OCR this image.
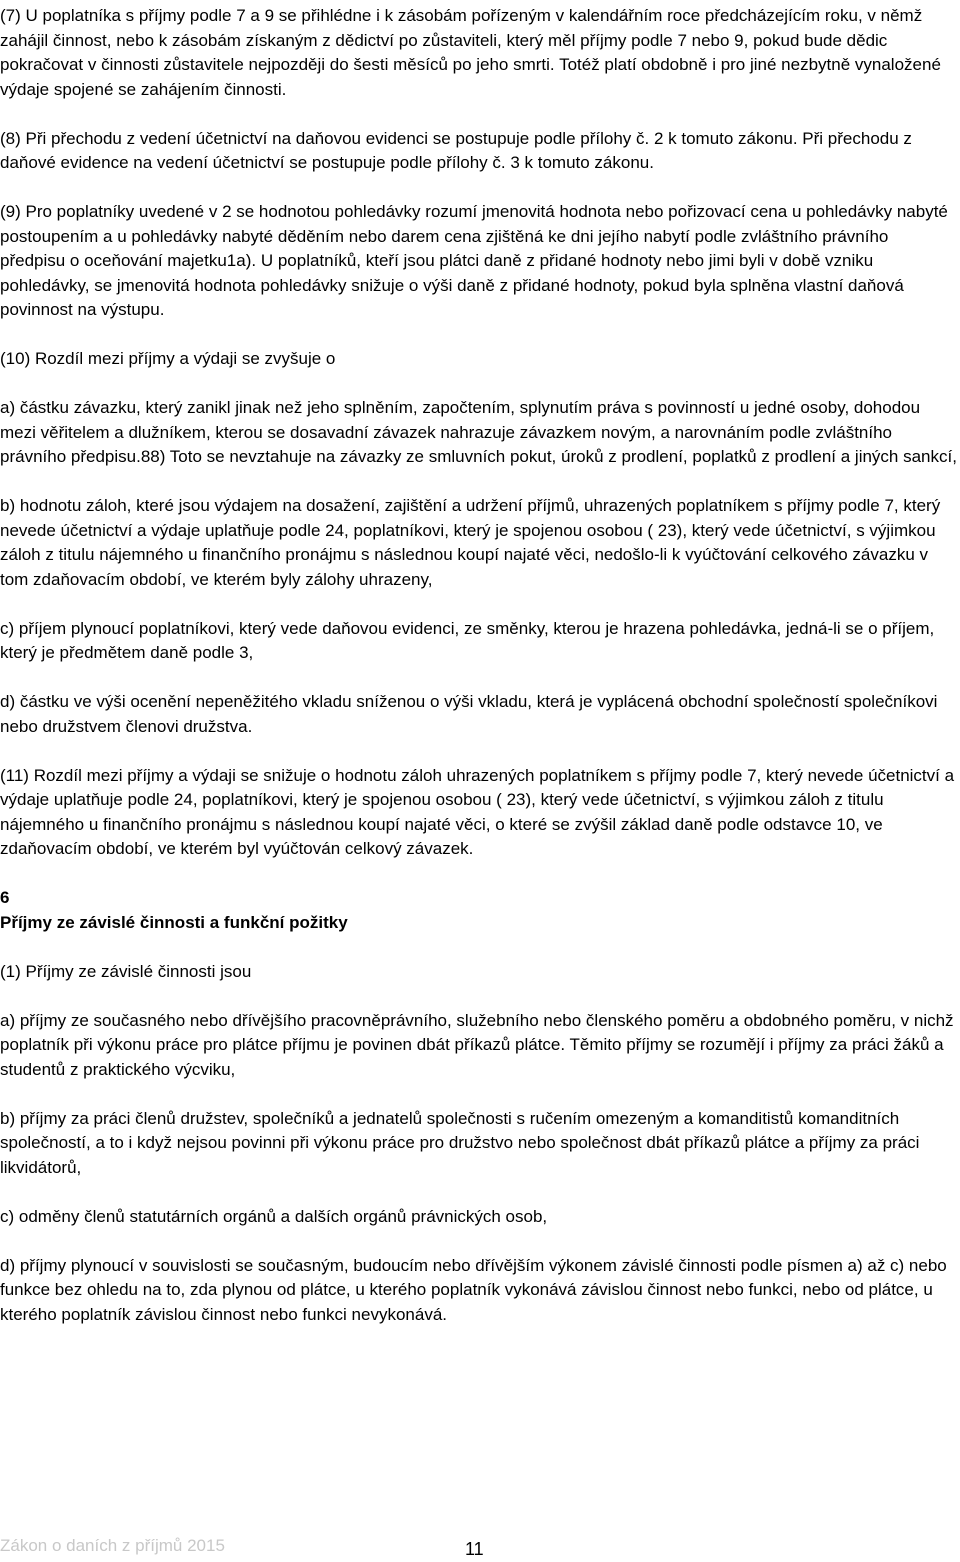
(7) U poplatníka s příjmy podle 7 a 9 se přihlédne i k zásobám pořízeným v kalendářním roce předcházejícím roku, v němž zahájil činnost, nebo k zásobám získaným z dědictví po zůstaviteli, který měl příjmy podle 7 nebo 9, pokud bude dědic pokračovat v činnosti zůstavitele nejpozději do šesti měsíců po jeho smrti. Totéž platí obdobně i pro jiné nezbytně vynaložené výdaje spojené se zahájením činnosti.

(8) Při přechodu z vedení účetnictví na daňovou evidenci se postupuje podle přílohy č. 2 k tomuto zákonu. Při přechodu z daňové evidence na vedení účetnictví se postupuje podle přílohy č. 3 k tomuto zákonu.

(9) Pro poplatníky uvedené v 2 se hodnotou pohledávky rozumí jmenovitá hodnota nebo pořizovací cena u pohledávky nabyté postoupením a u pohledávky nabyté děděním nebo darem cena zjištěná ke dni jejího nabytí podle zvláštního právního předpisu o oceňování majetku1a). U poplatníků, kteří jsou plátci daně z přidané hodnoty nebo jimi byli v době vzniku pohledávky, se jmenovitá hodnota pohledávky snižuje o výši daně z přidané hodnoty, pokud byla splněna vlastní daňová povinnost na výstupu.

(10) Rozdíl mezi příjmy a výdaji se zvyšuje o

a) částku závazku, který zanikl jinak než jeho splněním, započtením, splynutím práva s povinností u jedné osoby, dohodou mezi věřitelem a dlužníkem, kterou se dosavadní závazek nahrazuje závazkem novým, a narovnáním podle zvláštního právního předpisu.88) Toto se nevztahuje na závazky ze smluvních pokut, úroků z prodlení, poplatků z prodlení a jiných sankcí,

b) hodnotu záloh, které jsou výdajem na dosažení, zajištění a udržení příjmů, uhrazených poplatníkem s příjmy podle 7, který nevede účetnictví a výdaje uplatňuje podle 24, poplatníkovi, který je spojenou osobou ( 23), který vede účetnictví, s výjimkou záloh z titulu nájemného u finančního pronájmu s následnou koupí najaté věci, nedošlo-li k vyúčtování celkového závazku v tom zdaňovacím období, ve kterém byly zálohy uhrazeny,

c) příjem plynoucí poplatníkovi, který vede daňovou evidenci, ze směnky, kterou je hrazena pohledávka, jedná-li se o příjem, který je předmětem daně podle 3,

d) částku ve výši ocenění nepeněžitého vkladu sníženou o výši vkladu, která je vyplácená obchodní společností společníkovi nebo družstvem členovi družstva.

(11) Rozdíl mezi příjmy a výdaji se snižuje o hodnotu záloh uhrazených poplatníkem s příjmy podle 7, který nevede účetnictví a výdaje uplatňuje podle 24, poplatníkovi, který je spojenou osobou ( 23), který vede účetnictví, s výjimkou záloh z titulu nájemného u finančního pronájmu s následnou koupí najaté věci, o které se zvýšil základ daně podle odstavce 10, ve zdaňovacím období, ve kterém byl vyúčtován celkový závazek.

6

Příjmy ze závislé činnosti a funkční požitky

(1) Příjmy ze závislé činnosti jsou

a) příjmy ze současného nebo dřívějšího pracovněprávního, služebního nebo členského poměru a obdobného poměru, v nichž poplatník při výkonu práce pro plátce příjmu je povinen dbát příkazů plátce. Těmito příjmy se rozumějí i příjmy za práci žáků a studentů z praktického výcviku,

b) příjmy za práci členů družstev, společníků a jednatelů společnosti s ručením omezeným a komanditistů komanditních společností, a to i když nejsou povinni při výkonu práce pro družstvo nebo společnost dbát příkazů plátce a příjmy za práci likvidátorů,

c) odměny členů statutárních orgánů a dalších orgánů právnických osob,

d) příjmy plynoucí v souvislosti se současným, budoucím nebo dřívějším výkonem závislé činnosti podle písmen a) až c) nebo funkce bez ohledu na to, zda plynou od plátce, u kterého poplatník vykonává závislou činnost nebo funkci, nebo od plátce, u kterého poplatník závislou činnost nebo funkci nevykonává.

Zákon o daních z příjmů 2015	11
